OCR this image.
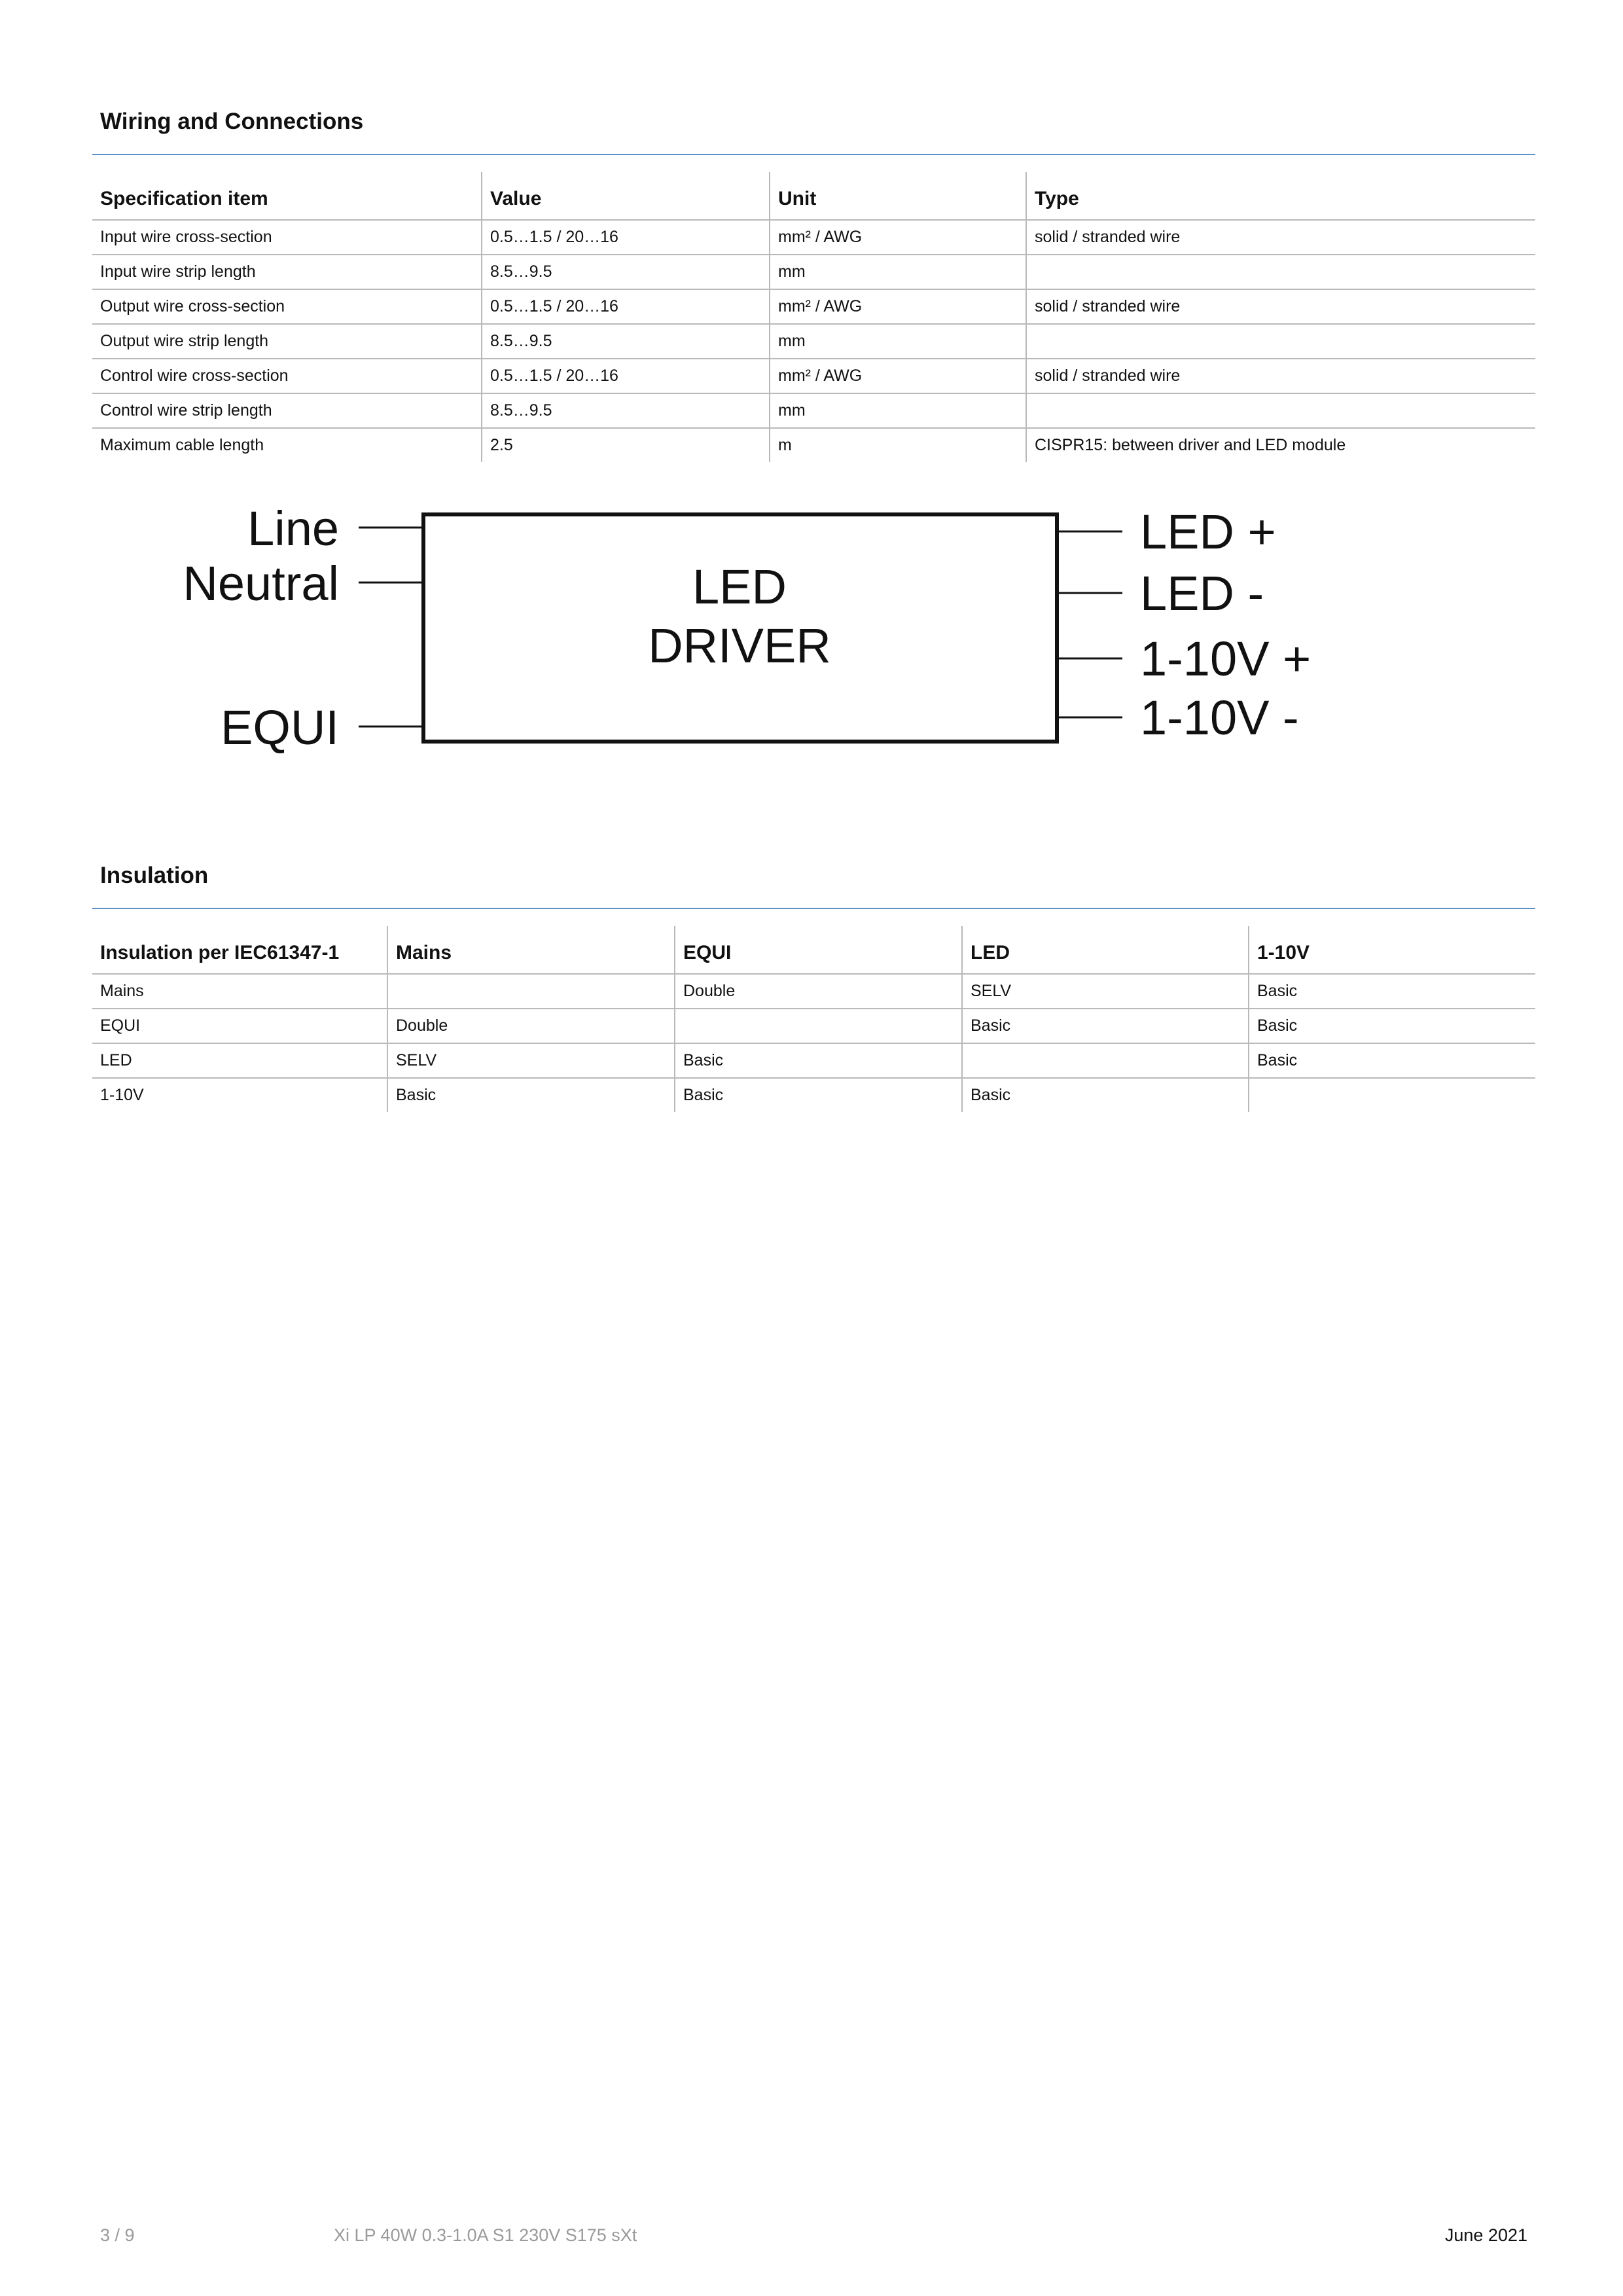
Wiring and Connections
Specification item	Value	Unit	Type
Input wire cross-section	0.5…1.5 / 20…16	mm² / AWG	solid / stranded wire
Input wire strip length	8.5…9.5	mm	
Output wire cross-section	0.5…1.5 / 20…16	mm² / AWG	solid / stranded wire
Output wire strip length	8.5…9.5	mm	
Control wire cross-section	0.5…1.5 / 20…16	mm² / AWG	solid / stranded wire
Control wire strip length	8.5…9.5	mm	
Maximum cable length	2.5	m	CISPR15: between driver and LED module
LED
DRIVER
Line
Neutral
EQUI
LED +
LED -
1-10V +
1-10V -
Insulation
Insulation per IEC61347-1	Mains	EQUI	LED	1-10V
Mains		Double	SELV	Basic
EQUI	Double		Basic	Basic
LED	SELV	Basic		Basic
1-10V	Basic	Basic	Basic	
3 / 9	Xi LP 40W 0.3-1.0A S1 230V S175 sXt	June 2021
